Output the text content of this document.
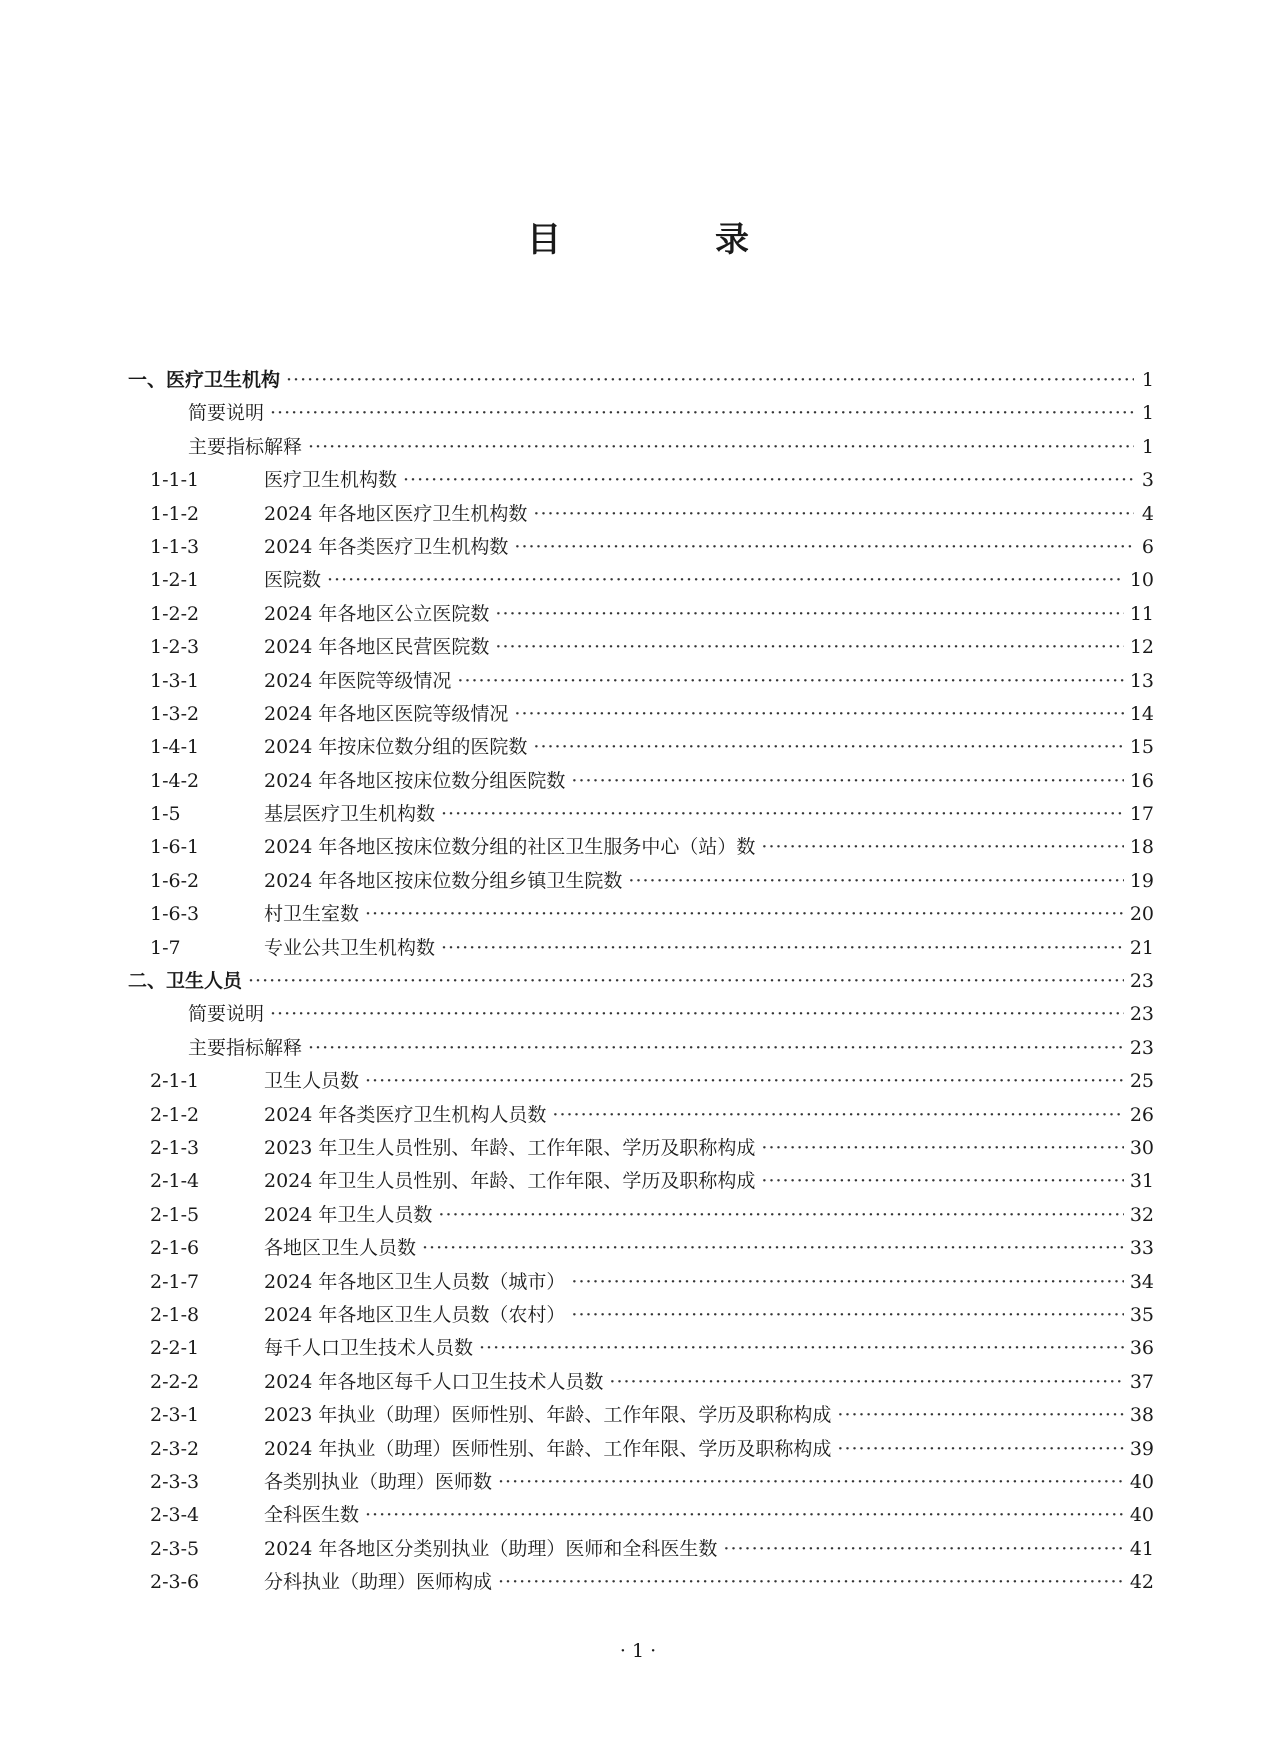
目　录
一、医疗卫生机构 ·····	1
简要说明 ·····	1
主要指标解释 ·····	1
1-1-1	医疗卫生机构数 ·····	3
1-1-2	2024 年各地区医疗卫生机构数 ·····	4
1-1-3	2024 年各类医疗卫生机构数 ·····	6
1-2-1	医院数 ·····	10
1-2-2	2024 年各地区公立医院数 ·····	11
1-2-3	2024 年各地区民营医院数 ·····	12
1-3-1	2024 年医院等级情况 ·····	13
1-3-2	2024 年各地区医院等级情况 ·····	14
1-4-1	2024 年按床位数分组的医院数 ·····	15
1-4-2	2024 年各地区按床位数分组医院数 ·····	16
1-5	基层医疗卫生机构数 ·····	17
1-6-1	2024 年各地区按床位数分组的社区卫生服务中心（站）数 ·····	18
1-6-2	2024 年各地区按床位数分组乡镇卫生院数 ·····	19
1-6-3	村卫生室数 ·····	20
1-7	专业公共卫生机构数 ·····	21
二、卫生人员 ·····	23
简要说明 ·····	23
主要指标解释 ·····	23
2-1-1	卫生人员数 ·····	25
2-1-2	2024 年各类医疗卫生机构人员数 ·····	26
2-1-3	2023 年卫生人员性别、年龄、工作年限、学历及职称构成 ·····	30
2-1-4	2024 年卫生人员性别、年龄、工作年限、学历及职称构成 ·····	31
2-1-5	2024 年卫生人员数 ·····	32
2-1-6	各地区卫生人员数 ·····	33
2-1-7	2024 年各地区卫生人员数（城市） ·····	34
2-1-8	2024 年各地区卫生人员数（农村） ·····	35
2-2-1	每千人口卫生技术人员数 ·····	36
2-2-2	2024 年各地区每千人口卫生技术人员数 ·····	37
2-3-1	2023 年执业（助理）医师性别、年龄、工作年限、学历及职称构成 ·····	38
2-3-2	2024 年执业（助理）医师性别、年龄、工作年限、学历及职称构成 ·····	39
2-3-3	各类别执业（助理）医师数 ·····	40
2-3-4	全科医生数 ·····	40
2-3-5	2024 年各地区分类别执业（助理）医师和全科医生数 ·····	41
2-3-6	分科执业（助理）医师构成 ·····	42
· 1 ·
